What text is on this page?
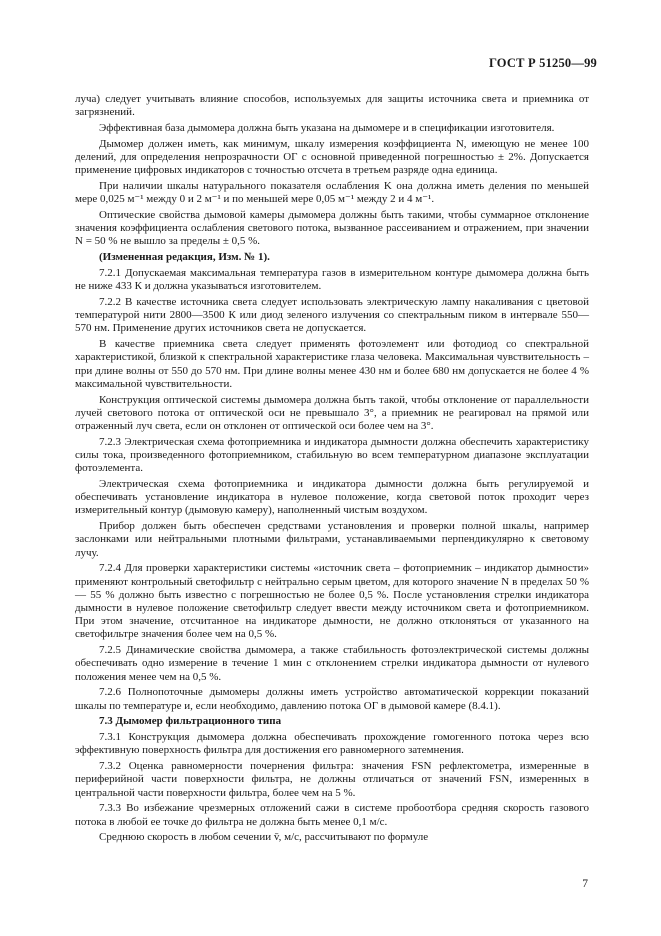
ГОСТ Р 51250—99

луча) следует учитывать влияние способов, используемых для защиты источника света и приемника от загрязнений.

Эффективная база дымомера должна быть указана на дымомере и в спецификации изготовителя.

Дымомер должен иметь, как минимум, шкалу измерения коэффициента N, имеющую не менее 100 делений, для определения непрозрачности ОГ с основной приведенной погрешностью ± 2%. Допускается применение цифровых индикаторов с точностью отсчета в третьем разряде одна единица.

При наличии шкалы натурального показателя ослабления K она должна иметь деления по меньшей мере 0,025 м⁻¹ между 0 и 2 м⁻¹ и по меньшей мере 0,05 м⁻¹ между 2 и 4 м⁻¹.

Оптические свойства дымовой камеры дымомера должны быть такими, чтобы суммарное отклонение значения коэффициента ослабления светового потока, вызванное рассеиванием и отражением, при значении N = 50 % не вышло за пределы ± 0,5 %.

(Измененная редакция, Изм. № 1).

7.2.1 Допускаемая максимальная температура газов в измерительном контуре дымомера должна быть не ниже 433 К и должна указываться изготовителем.

7.2.2 В качестве источника света следует использовать электрическую лампу накаливания с цветовой температурой нити 2800—3500 К или диод зеленого излучения со спектральным пиком в интервале 550—570 нм. Применение других источников света не допускается.

В качестве приемника света следует применять фотоэлемент или фотодиод со спектральной характеристикой, близкой к спектральной характеристике глаза человека. Максимальная чувствительность – при длине волны от 550 до 570 нм. При длине волны менее 430 нм и более 680 нм допускается не более 4 % максимальной чувствительности.

Конструкция оптической системы дымомера должна быть такой, чтобы отклонение от параллельности лучей светового потока от оптической оси не превышало 3°, а приемник не реагировал на прямой или отраженный луч света, если он отклонен от оптической оси более чем на 3°.

7.2.3 Электрическая схема фотоприемника и индикатора дымности должна обеспечить характеристику силы тока, произведенного фотоприемником, стабильную во всем температурном диапазоне эксплуатации фотоэлемента.

Электрическая схема фотоприемника и индикатора дымности должна быть регулируемой и обеспечивать установление индикатора в нулевое положение, когда световой поток проходит через измерительный контур (дымовую камеру), наполненный чистым воздухом.

Прибор должен быть обеспечен средствами установления и проверки полной шкалы, например заслонками или нейтральными плотными фильтрами, устанавливаемыми перпендикулярно к световому лучу.

7.2.4 Для проверки характеристики системы «источник света – фотоприемник – индикатор дымности» применяют контрольный светофильтр с нейтрально серым цветом, для которого значение N в пределах 50 % — 55 % должно быть известно с погрешностью не более 0,5 %. После установления стрелки индикатора дымности в нулевое положение светофильтр следует ввести между источником света и фотоприемником. При этом значение, отсчитанное на индикаторе дымности, не должно отклоняться от указанного на светофильтре значения более чем на 0,5 %.

7.2.5 Динамические свойства дымомера, а также стабильность фотоэлектрической системы должны обеспечивать одно измерение в течение 1 мин с отклонением стрелки индикатора дымности от нулевого положения менее чем на 0,5 %.

7.2.6 Полнопоточные дымомеры должны иметь устройство автоматической коррекции показаний шкалы по температуре и, если необходимо, давлению потока ОГ в дымовой камере (8.4.1).

7.3 Дымомер фильтрационного типа

7.3.1 Конструкция дымомера должна обеспечивать прохождение гомогенного потока через всю эффективную поверхность фильтра для достижения его равномерного затемнения.

7.3.2 Оценка равномерности почернения фильтра: значения FSN рефлектометра, измеренные в периферийной части поверхности фильтра, не должны отличаться от значений FSN, измеренных в центральной части поверхности фильтра, более чем на 5 %.

7.3.3 Во избежание чрезмерных отложений сажи в системе пробоотбора средняя скорость газового потока в любой ее точке до фильтра не должна быть менее 0,1 м/с.

Среднюю скорость в любом сечении v̄, м/с, рассчитывают по формуле

7
